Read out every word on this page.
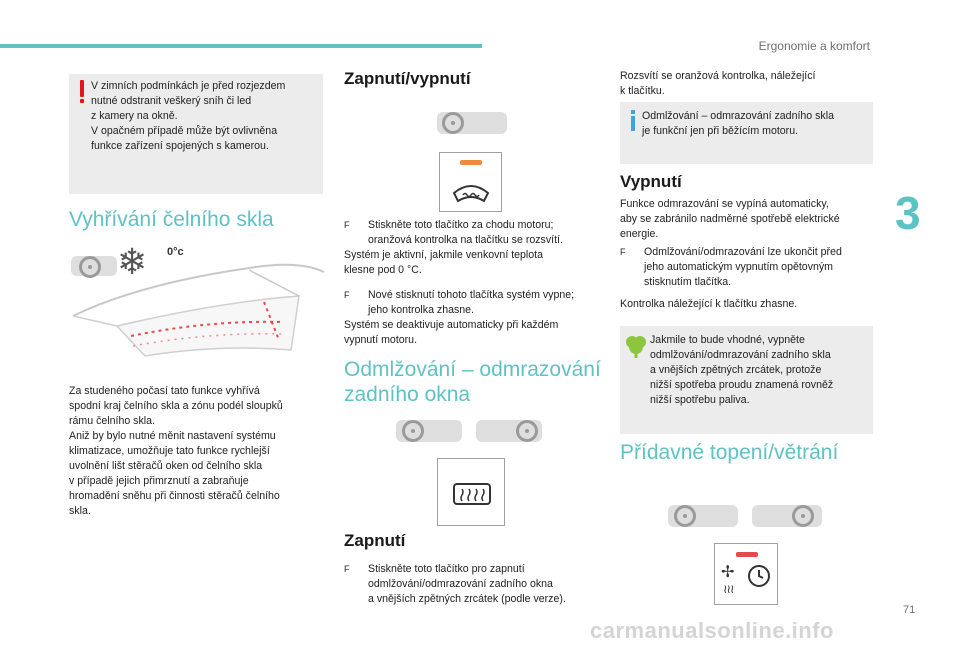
Ergonomie a komfort
3
71
carmanualsonline.info
V zimních podmínkách je před rozjezdem
nutné odstranit veškerý sníh či led
z kamery na okně.
V opačném případě může být ovlivněna
funkce zařízení spojených s kamerou.
Vyhřívání čelního skla
❄ 0°c
Za studeného počasí tato funkce vyhřívá
spodní kraj čelního skla a zónu podél sloupků
rámu čelního skla.
Aniž by bylo nutné měnit nastavení systému
klimatizace, umožňuje tato funkce rychlejší
uvolnění lišt stěračů oken od čelního skla
v případě jejich přimrznutí a zabraňuje
hromadění sněhu při činnosti stěračů čelního
skla.
Zapnutí/vypnutí
F Stiskněte toto tlačítko za chodu motoru;
oranžová kontrolka na tlačítku se rozsvítí.
Systém je aktivní, jakmile venkovní teplota
klesne pod 0 °C.
F Nové stisknutí tohoto tlačítka systém vypne;
jeho kontrolka zhasne.
Systém se deaktivuje automaticky při každém
vypnutí motoru.
Odmlžování – odmrazování
zadního okna
Zapnutí
F Stiskněte toto tlačítko pro zapnutí
odmlžování/odmrazování zadního okna
a vnějších zpětných zrcátek (podle verze).
Rozsvítí se oranžová kontrolka, náležející
k tlačítku.
Odmlžování – odmrazování zadního skla
je funkční jen při běžícím motoru.
Vypnutí
Funkce odmrazování se vypíná automaticky,
aby se zabránilo nadměrné spotřebě elektrické
energie.
F Odmlžování/odmrazování lze ukončit před
jeho automatickým vypnutím opětovným
stisknutím tlačítka.
Kontrolka náležející k tlačítku zhasne.
Jakmile to bude vhodné, vypněte
odmlžování/odmrazování zadního skla
a vnějších zpětných zrcátek, protože
nižší spotřeba proudu znamená rovněž
nižší spotřebu paliva.
Přídavné topení/větrání
✢
≀≀≀
